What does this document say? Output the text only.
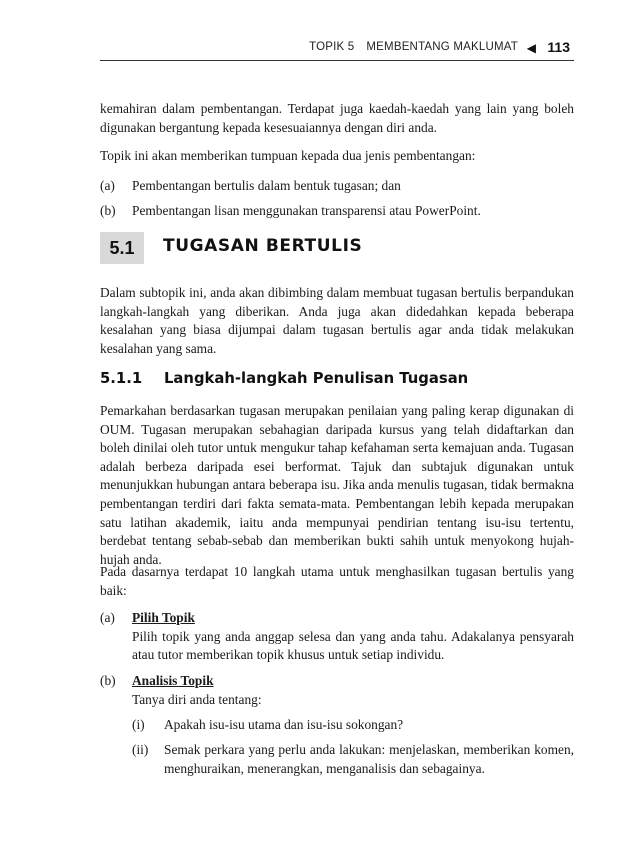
TOPIK 5 MEMBENTANG MAKLUMAT ◀ 113

kemahiran dalam pembentangan. Terdapat juga kaedah-kaedah yang lain yang boleh digunakan bergantung kepada kesesuaiannya dengan diri anda.

Topik ini akan memberikan tumpuan kepada dua jenis pembentangan:

(a) Pembentangan bertulis dalam bentuk tugasan; dan
(b) Pembentangan lisan menggunakan transparensi atau PowerPoint.
5.1	TUGASAN BERTULIS

Dalam subtopik ini, anda akan dibimbing dalam membuat tugasan bertulis berpandukan langkah-langkah yang diberikan. Anda juga akan didedahkan kepada beberapa kesalahan yang biasa dijumpai dalam tugasan bertulis agar anda tidak melakukan kesalahan yang sama.

5.1.1 Langkah-langkah Penulisan Tugasan

Pemarkahan berdasarkan tugasan merupakan penilaian yang paling kerap digunakan di OUM. Tugasan merupakan sebahagian daripada kursus yang telah didaftarkan dan boleh dinilai oleh tutor untuk mengukur tahap kefahaman serta kemajuan anda. Tugasan adalah berbeza daripada esei berformat. Tajuk dan subtajuk digunakan untuk menunjukkan hubungan antara beberapa isu. Jika anda menulis tugasan, tidak bermakna pembentangan terdiri dari fakta semata-mata. Pembentangan lebih kepada merupakan satu latihan akademik, iaitu anda mempunyai pendirian tentang isu-isu tertentu, berdebat tentang sebab-sebab dan memberikan bukti sahih untuk menyokong hujah-hujah anda.

Pada dasarnya terdapat 10 langkah utama untuk menghasilkan tugasan bertulis yang baik:

(a) Pilih Topik
Pilih topik yang anda anggap selesa dan yang anda tahu. Adakalanya pensyarah atau tutor memberikan topik khusus untuk setiap individu.
(b) Analisis Topik
Tanya diri anda tentang:
(i) Apakah isu-isu utama dan isu-isu sokongan?
(ii) Semak perkara yang perlu anda lakukan: menjelaskan, memberikan komen, menghuraikan, menerangkan, menganalisis dan sebagainya.
